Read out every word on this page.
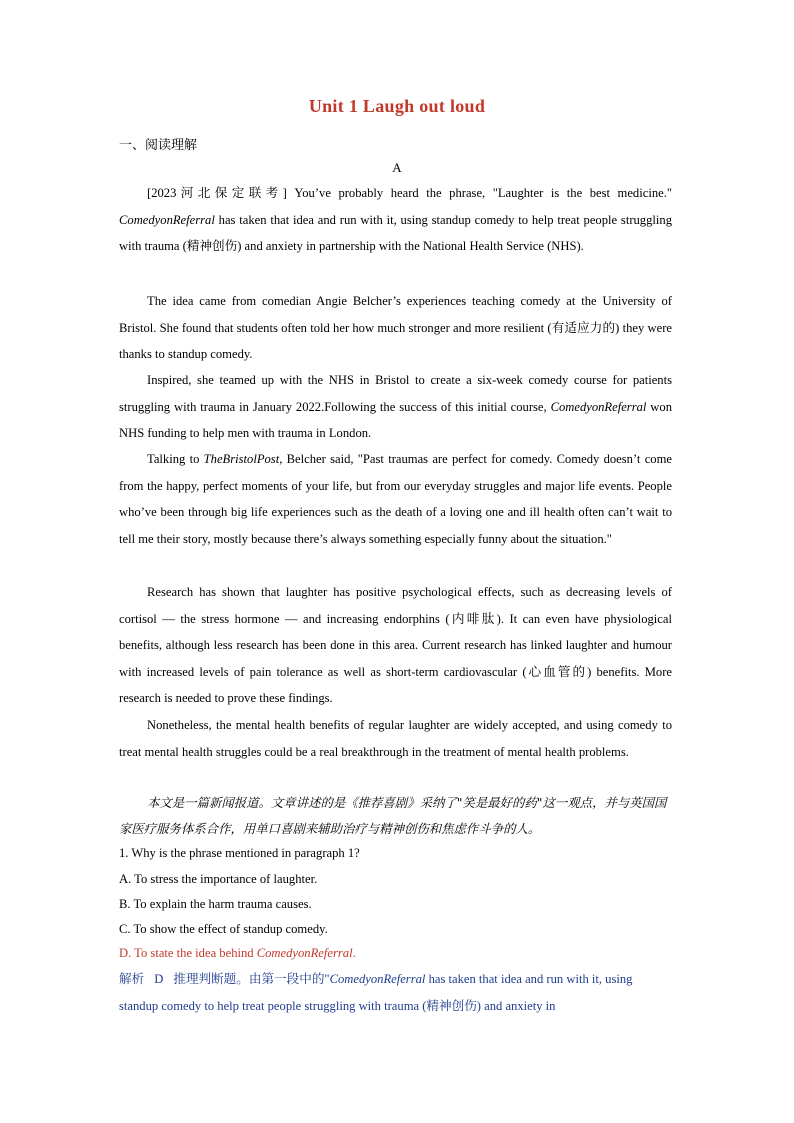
Unit 1 Laugh out loud
一、阅读理解
A
[2023河北保定联考] You’ve probably heard the phrase, "Laughter is the best medicine." ComedyonReferral has taken that idea and run with it, using standup comedy to help treat people struggling with trauma (精神创伤) and anxiety in partnership with the National Health Service (NHS).
The idea came from comedian Angie Belcher’s experiences teaching comedy at the University of Bristol. She found that students often told her how much stronger and more resilient (有适应力的) they were thanks to standup comedy.
Inspired, she teamed up with the NHS in Bristol to create a six-week comedy course for patients struggling with trauma in January 2022.Following the success of this initial course, ComedyonReferral won NHS funding to help men with trauma in London.
Talking to TheBristolPost, Belcher said, "Past traumas are perfect for comedy. Comedy doesn’t come from the happy, perfect moments of your life, but from our everyday struggles and major life events. People who’ve been through big life experiences such as the death of a loving one and ill health often can’t wait to tell me their story, mostly because there’s always something especially funny about the situation."
Research has shown that laughter has positive psychological effects, such as decreasing levels of cortisol — the stress hormone — and increasing endorphins (内啡肽). It can even have physiological benefits, although less research has been done in this area. Current research has linked laughter and humour with increased levels of pain tolerance as well as short-term cardiovascular (心血管的) benefits. More research is needed to prove these findings.
Nonetheless, the mental health benefits of regular laughter are widely accepted, and using comedy to treat mental health struggles could be a real breakthrough in the treatment of mental health problems.
本文是一篇新闻报道。文章讲述的是《推荐喜剧》采纳了"笑是最好的药"这一观点，并与英国国家医疗服务体系合作，用单口喜剧来辅助治疗与精神创伤和焦虑作斗争的人。
1. Why is the phrase mentioned in paragraph 1?
A. To stress the importance of laughter.
B. To explain the harm trauma causes.
C. To show the effect of standup comedy.
D. To state the idea behind ComedyonReferral.
解析 D 推理判断题。由第一段中的"ComedyonReferral has taken that idea and run with it, using standup comedy to help treat people struggling with trauma (精神创伤) and anxiety in
